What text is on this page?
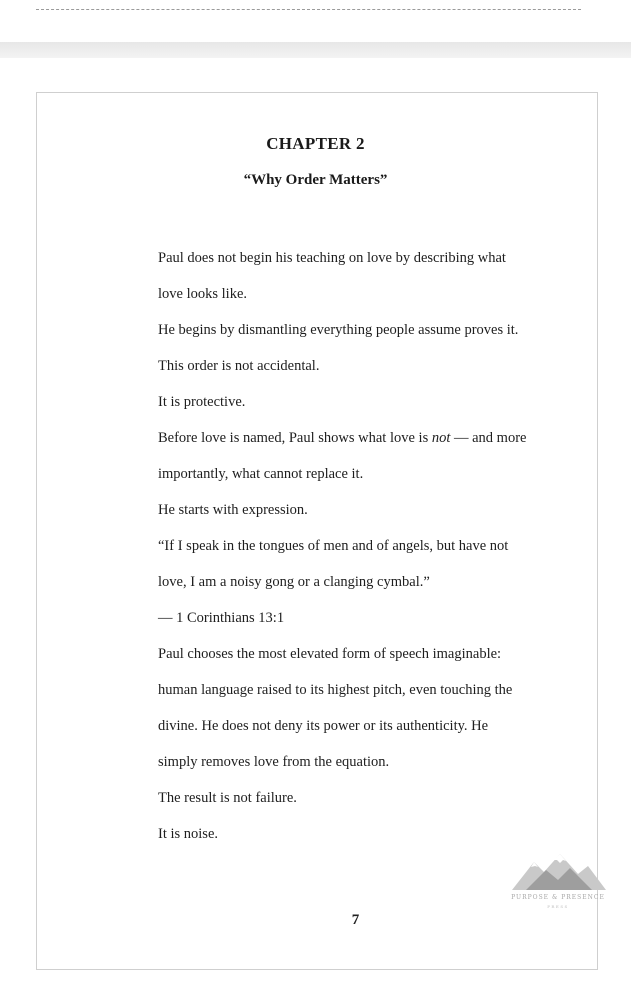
CHAPTER 2
“Why Order Matters”

Paul does not begin his teaching on love by describing what

love looks like.

He begins by dismantling everything people assume proves it.

This order is not accidental.

It is protective.

Before love is named, Paul shows what love is not — and more

importantly, what cannot replace it.

He starts with expression.

“If I speak in the tongues of men and of angels, but have not

love, I am a noisy gong or a clanging cymbal.”

— 1 Corinthians 13:1

Paul chooses the most elevated form of speech imaginable:

human language raised to its highest pitch, even touching the

divine. He does not deny its power or its authenticity. He

simply removes love from the equation.

The result is not failure.

It is noise.

PURPOSE & PRESENCE
PRESS
7
